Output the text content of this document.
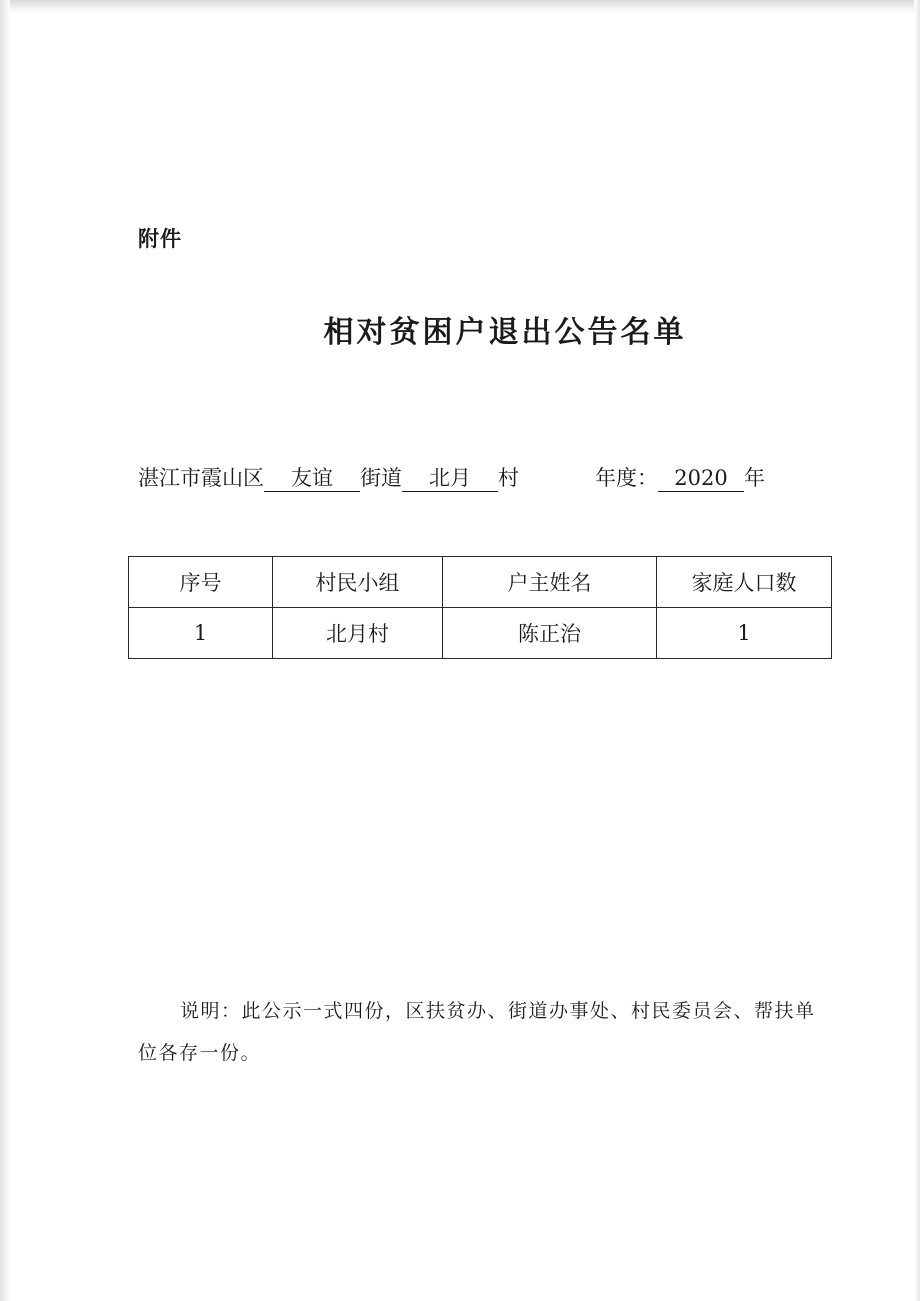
附件
相对贫困户退出公告名单
湛江市霞山区	友谊	街道	北月	村	年度： 2020 年
序号	村民小组	户主姓名	家庭人口数
1	北月村	陈正治	1
说明：此公示一式四份，区扶贫办、街道办事处、村民委员会、帮扶单位各存一份。
